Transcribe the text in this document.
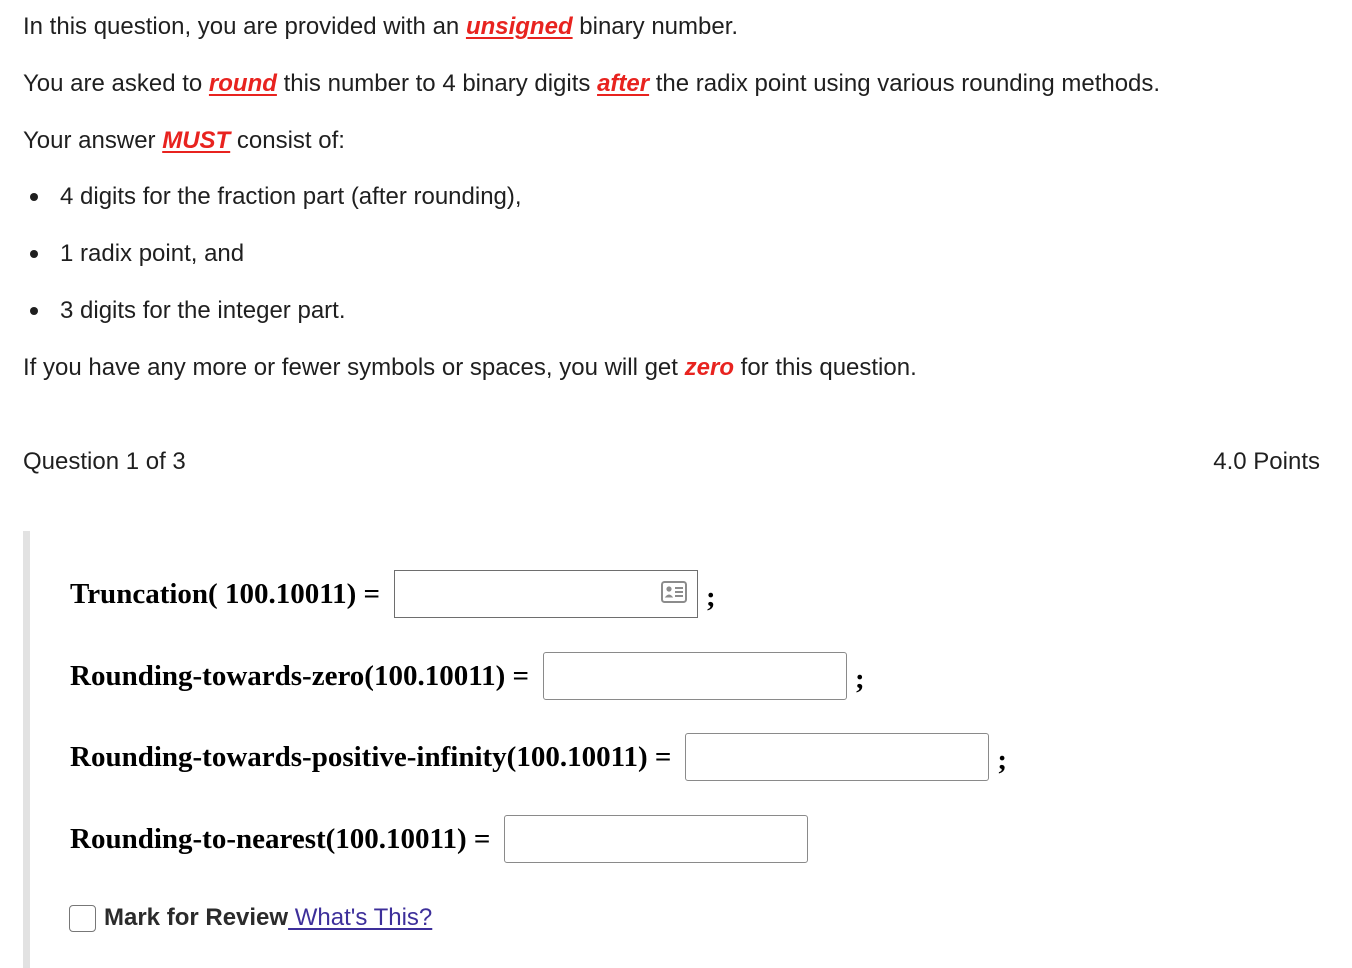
In this question, you are provided with an unsigned binary number.

You are asked to round this number to 4 binary digits after the radix point using various rounding methods.

Your answer MUST consist of:

4 digits for the fraction part (after rounding),

1 radix point, and

3 digits for the integer part.

If you have any more or fewer symbols or spaces, you will get zero for this question.

Question 1 of 3	4.0 Points
Truncation( 100.10011) =	;
Rounding-towards-zero(100.10011) =	;
Rounding-towards-positive-infinity(100.10011) =	;
Rounding-to-nearest(100.10011) =
Mark for Review What's This?
